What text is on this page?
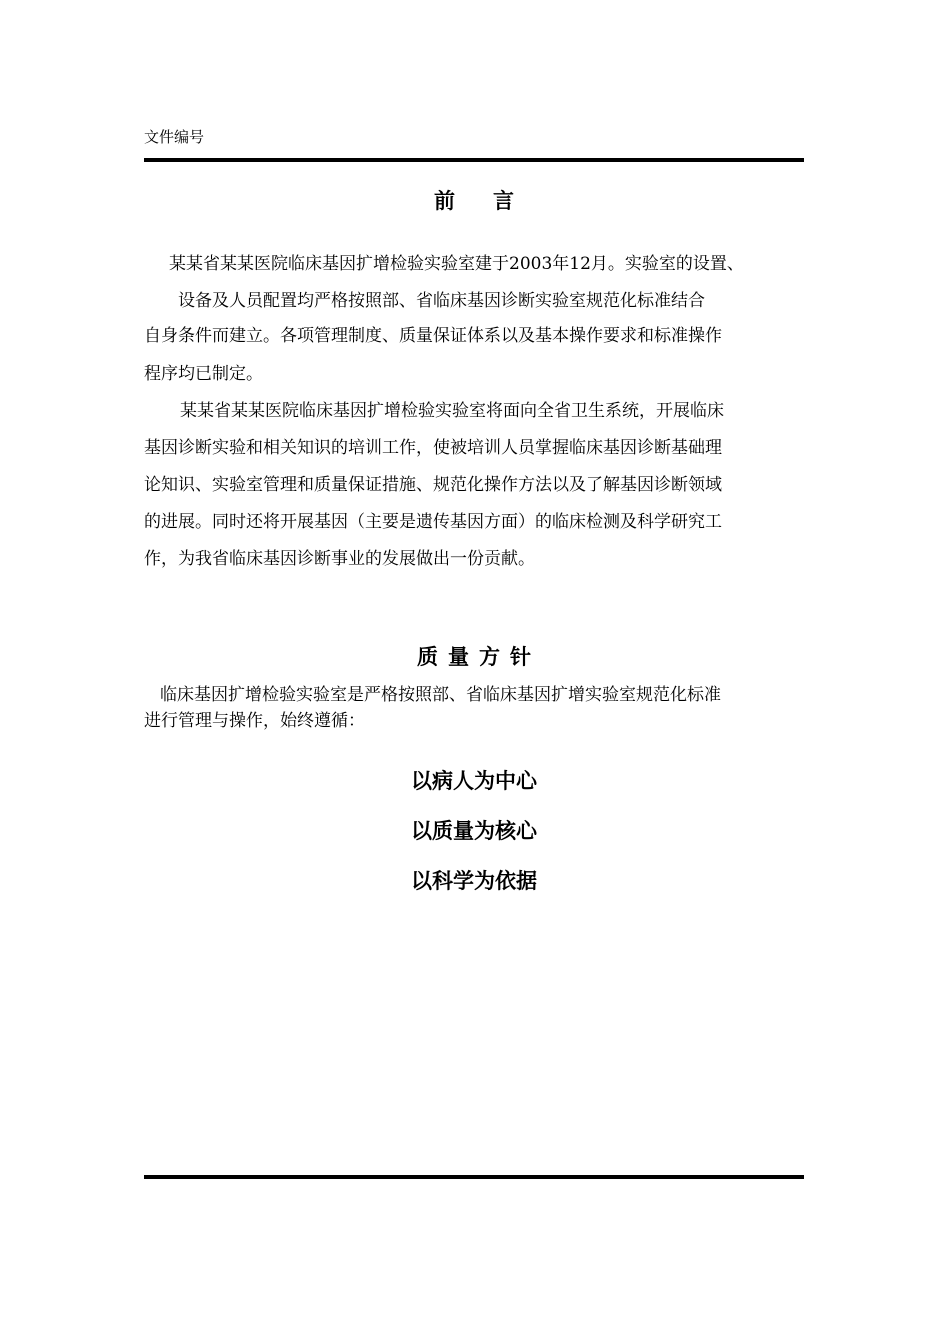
文件编号
前言

某某省某某医院临床基因扩增检验实验室建于2003年12月。实验室的设置、

设备及人员配置均严格按照部、省临床基因诊断实验室规范化标准结合

自身条件而建立。各项管理制度、质量保证体系以及基本操作要求和标准操作

程序均已制定。

某某省某某医院临床基因扩增检验实验室将面向全省卫生系统，开展临床

基因诊断实验和相关知识的培训工作，使被培训人员掌握临床基因诊断基础理

论知识、实验室管理和质量保证措施、规范化操作方法以及了解基因诊断领域

的进展。同时还将开展基因（主要是遗传基因方面）的临床检测及科学研究工

作，为我省临床基因诊断事业的发展做出一份贡献。

质量方针

临床基因扩增检验实验室是严格按照部、省临床基因扩增实验室规范化标准

进行管理与操作，始终遵循：

以病人为中心
以质量为核心
以科学为依据
